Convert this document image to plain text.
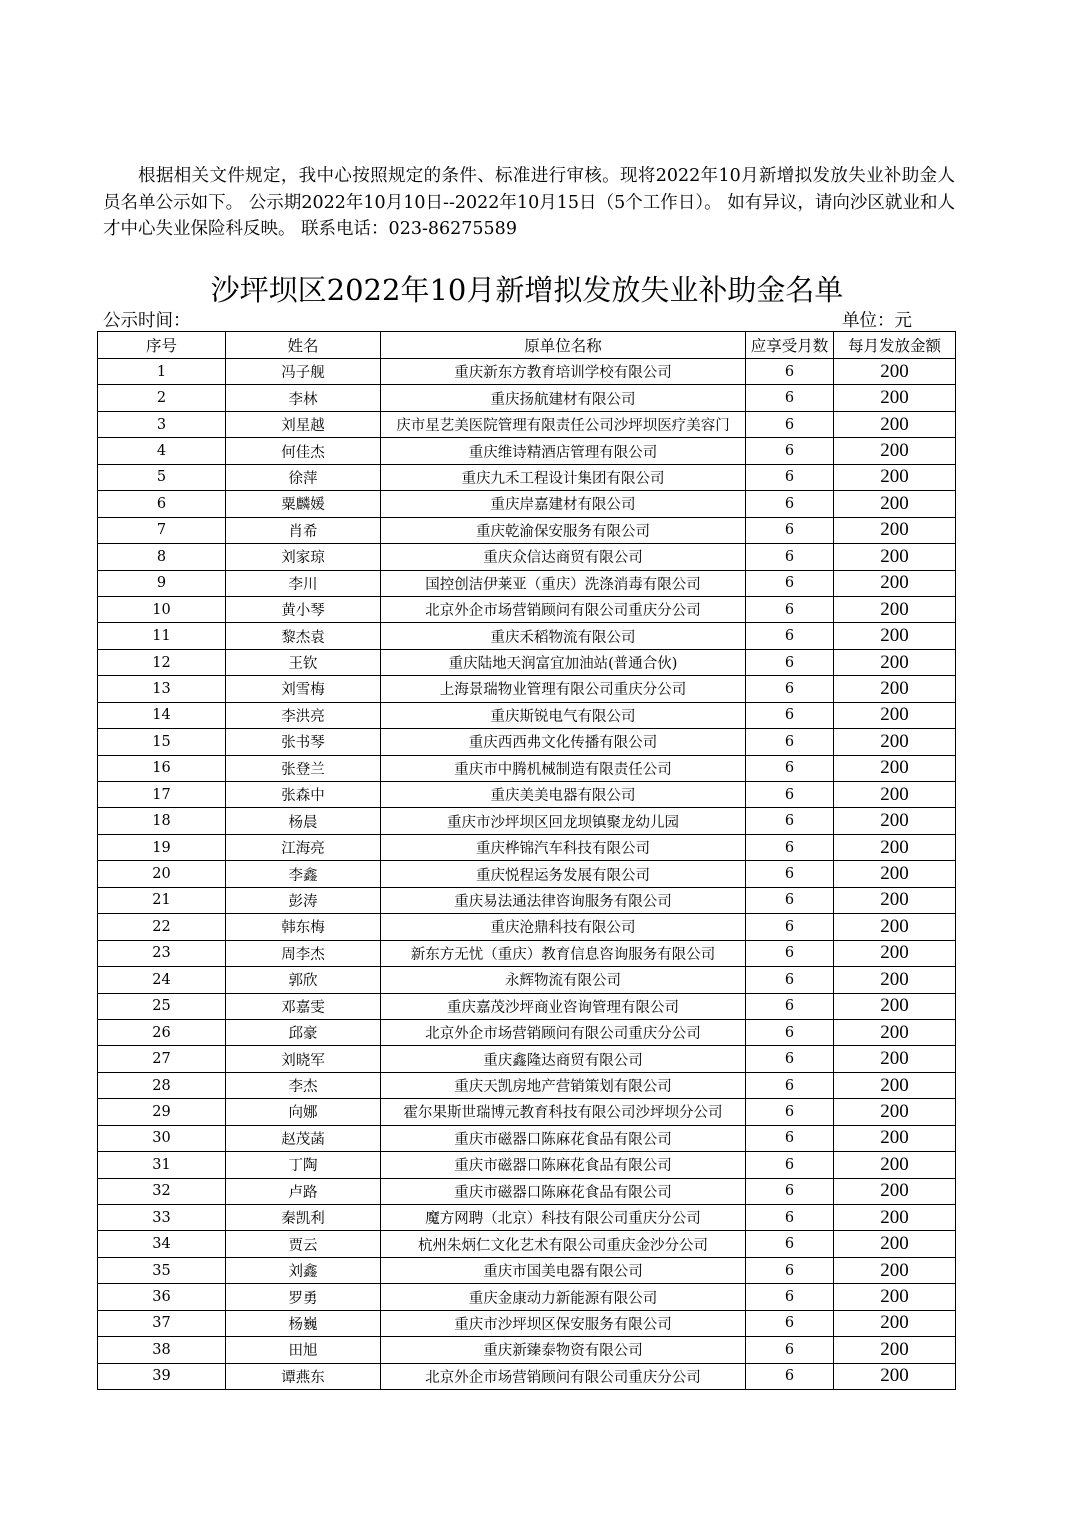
根据相关文件规定，我中心按照规定的条件、标准进行审核。现将2022年10月新增拟发放失业补助金人员名单公示如下。 公示期2022年10月10日--2022年10月15日（5个工作日）。 如有异议，请向沙区就业和人才中心失业保险科反映。 联系电话：023-86275589

沙坪坝区2022年10月新增拟发放失业补助金名单
公示时间：	单位：元
序号	姓名	原单位名称	应享受月数	每月发放金额
1	冯子舰	重庆新东方教育培训学校有限公司	6	200
2	李林	重庆扬航建材有限公司	6	200
3	刘星越	庆市星艺美医院管理有限责任公司沙坪坝医疗美容门	6	200
4	何佳杰	重庆维诗精酒店管理有限公司	6	200
5	徐萍	重庆九禾工程设计集团有限公司	6	200
6	粟麟媛	重庆岸嘉建材有限公司	6	200
7	肖希	重庆乾渝保安服务有限公司	6	200
8	刘家琼	重庆众信达商贸有限公司	6	200
9	李川	国控创洁伊莱亚（重庆）洗涤消毒有限公司	6	200
10	黄小琴	北京外企市场营销顾问有限公司重庆分公司	6	200
11	黎杰袁	重庆禾稻物流有限公司	6	200
12	王钦	重庆陆地天润富宜加油站(普通合伙)	6	200
13	刘雪梅	上海景瑞物业管理有限公司重庆分公司	6	200
14	李洪亮	重庆斯锐电气有限公司	6	200
15	张书琴	重庆西西弗文化传播有限公司	6	200
16	张登兰	重庆市中腾机械制造有限责任公司	6	200
17	张森中	重庆美美电器有限公司	6	200
18	杨晨	重庆市沙坪坝区回龙坝镇聚龙幼儿园	6	200
19	江海亮	重庆桦锦汽车科技有限公司	6	200
20	李鑫	重庆悦程运务发展有限公司	6	200
21	彭涛	重庆易法通法律咨询服务有限公司	6	200
22	韩东梅	重庆沧鼎科技有限公司	6	200
23	周李杰	新东方无忧（重庆）教育信息咨询服务有限公司	6	200
24	郭欣	永辉物流有限公司	6	200
25	邓嘉雯	重庆嘉茂沙坪商业咨询管理有限公司	6	200
26	邱豪	北京外企市场营销顾问有限公司重庆分公司	6	200
27	刘晓军	重庆鑫隆达商贸有限公司	6	200
28	李杰	重庆天凯房地产营销策划有限公司	6	200
29	向娜	霍尔果斯世瑞博元教育科技有限公司沙坪坝分公司	6	200
30	赵茂菡	重庆市磁器口陈麻花食品有限公司	6	200
31	丁陶	重庆市磁器口陈麻花食品有限公司	6	200
32	卢路	重庆市磁器口陈麻花食品有限公司	6	200
33	秦凯利	魔方网聘（北京）科技有限公司重庆分公司	6	200
34	贾云	杭州朱炳仁文化艺术有限公司重庆金沙分公司	6	200
35	刘鑫	重庆市国美电器有限公司	6	200
36	罗勇	重庆金康动力新能源有限公司	6	200
37	杨巍	重庆市沙坪坝区保安服务有限公司	6	200
38	田旭	重庆新臻泰物资有限公司	6	200
39	谭燕东	北京外企市场营销顾问有限公司重庆分公司	6	200
